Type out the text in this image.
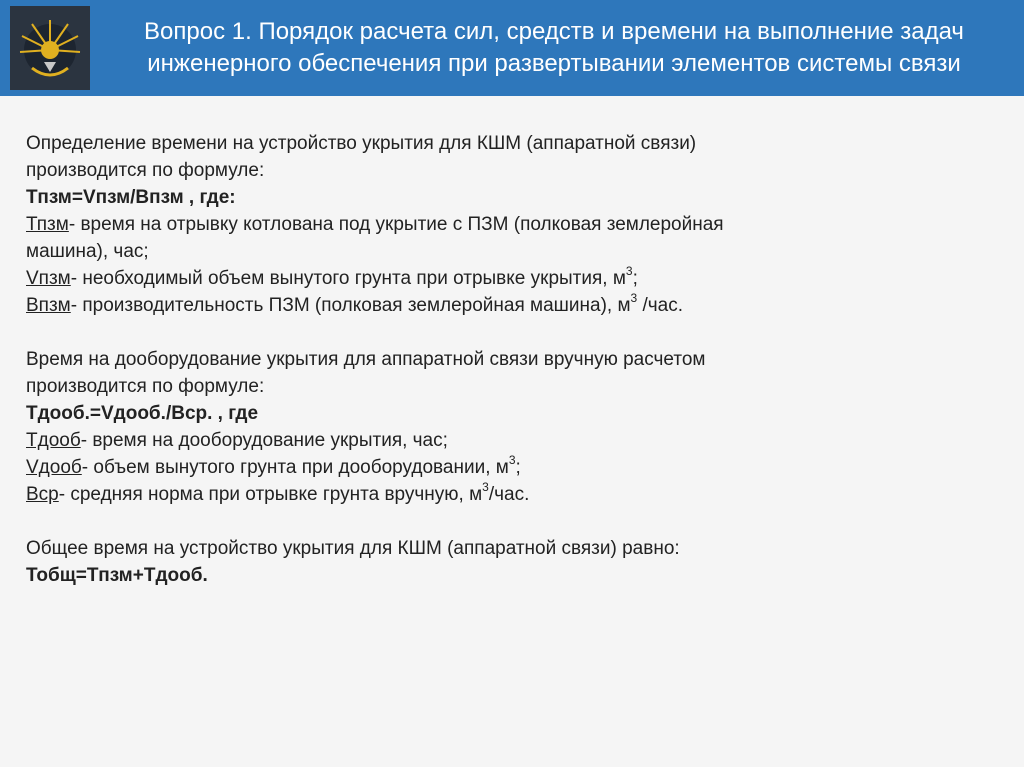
Вопрос 1. Порядок расчета сил, средств и времени на выполнение задач
инженерного обеспечения при развертывании элементов системы связи
Определение времени на устройство укрытия для КШМ (аппаратной связи)
производится по формуле:
Тпзм=Vпзм/Впзм , где:
Тпзм- время на отрывку котлована под укрытие с ПЗМ (полковая землеройная
машина), час;
Vпзм- необходимый объем вынутого грунта при отрывке укрытия, $м^3$;
Впзм- производительность ПЗМ (полковая землеройная машина), $м^3$ /час.
Время на дооборудование укрытия для аппаратной связи вручную расчетом
производится по формуле:
Тдооб.=Vдооб./Вср. , где
Тдооб- время на дооборудование укрытия, час;
Vдооб- объем вынутого грунта при дооборудовании, $м^3$;
Вср- средняя норма при отрывке грунта вручную, $м^3$/час.
Общее время на устройство укрытия для КШМ (аппаратной связи) равно:
Тобщ=Тпзм+Тдооб.
